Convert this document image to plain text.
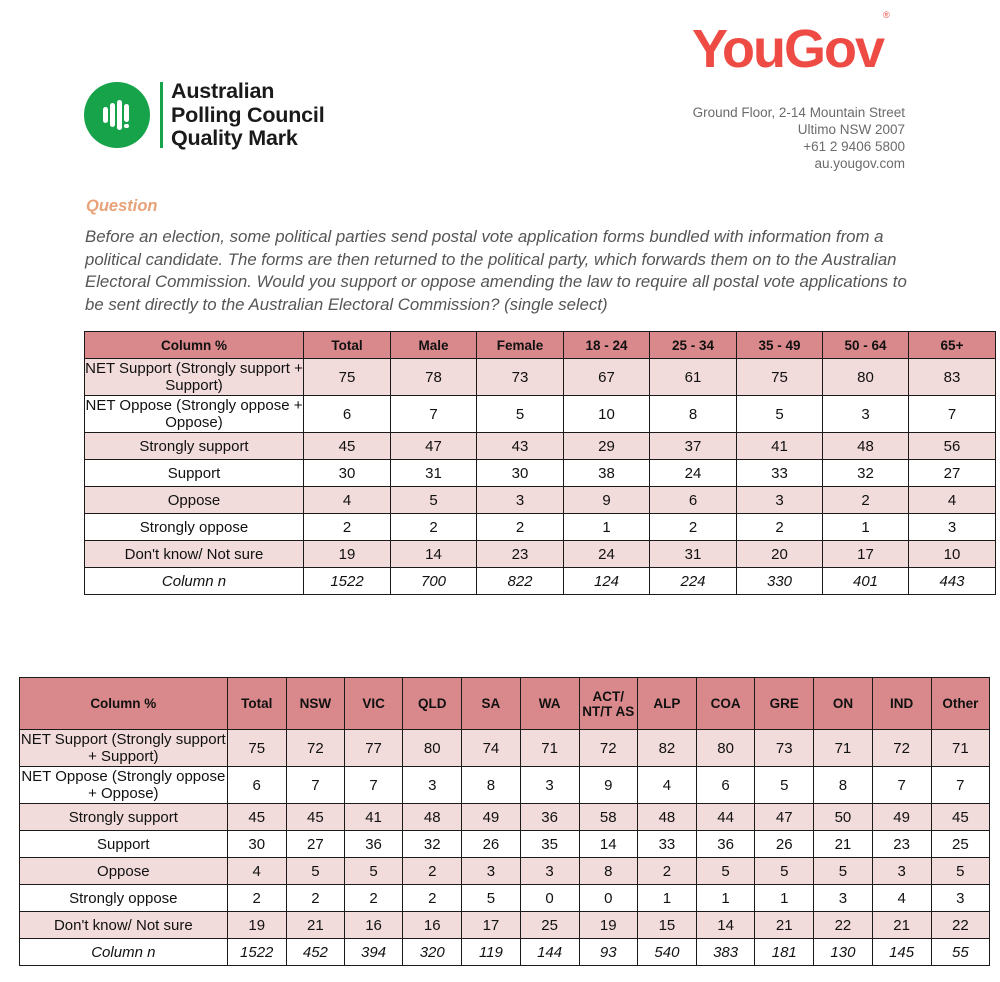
Australian
Polling Council
Quality Mark
YouGov®
Ground Floor, 2-14 Mountain Street
Ultimo NSW 2007
+61 2 9406 5800
au.yougov.com
Question
Before an election, some political parties send postal vote application forms bundled with information from a political candidate. The forms are then returned to the political party, which forwards them on to the Australian Electoral Commission. Would you support or oppose amending the law to require all postal vote applications to be sent directly to the Australian Electoral Commission? (single select)
Column %	Total	Male	Female	18 - 24	25 - 34	35 - 49	50 - 64	65+
NET Support (Strongly support + Support)	75	78	73	67	61	75	80	83
NET Oppose (Strongly oppose + Oppose)	6	7	5	10	8	5	3	7
Strongly support	45	47	43	29	37	41	48	56
Support	30	31	30	38	24	33	32	27
Oppose	4	5	3	9	6	3	2	4
Strongly oppose	2	2	2	1	2	2	1	3
Don't know/ Not sure	19	14	23	24	31	20	17	10
Column n	1522	700	822	124	224	330	401	443
Column %	Total	NSW	VIC	QLD	SA	WA	ACT/ NT/T AS	ALP	COA	GRE	ON	IND	Other
NET Support (Strongly support + Support)	75	72	77	80	74	71	72	82	80	73	71	72	71
NET Oppose (Strongly oppose + Oppose)	6	7	7	3	8	3	9	4	6	5	8	7	7
Strongly support	45	45	41	48	49	36	58	48	44	47	50	49	45
Support	30	27	36	32	26	35	14	33	36	26	21	23	25
Oppose	4	5	5	2	3	3	8	2	5	5	5	3	5
Strongly oppose	2	2	2	2	5	0	0	1	1	1	3	4	3
Don't know/ Not sure	19	21	16	16	17	25	19	15	14	21	22	21	22
Column n	1522	452	394	320	119	144	93	540	383	181	130	145	55
